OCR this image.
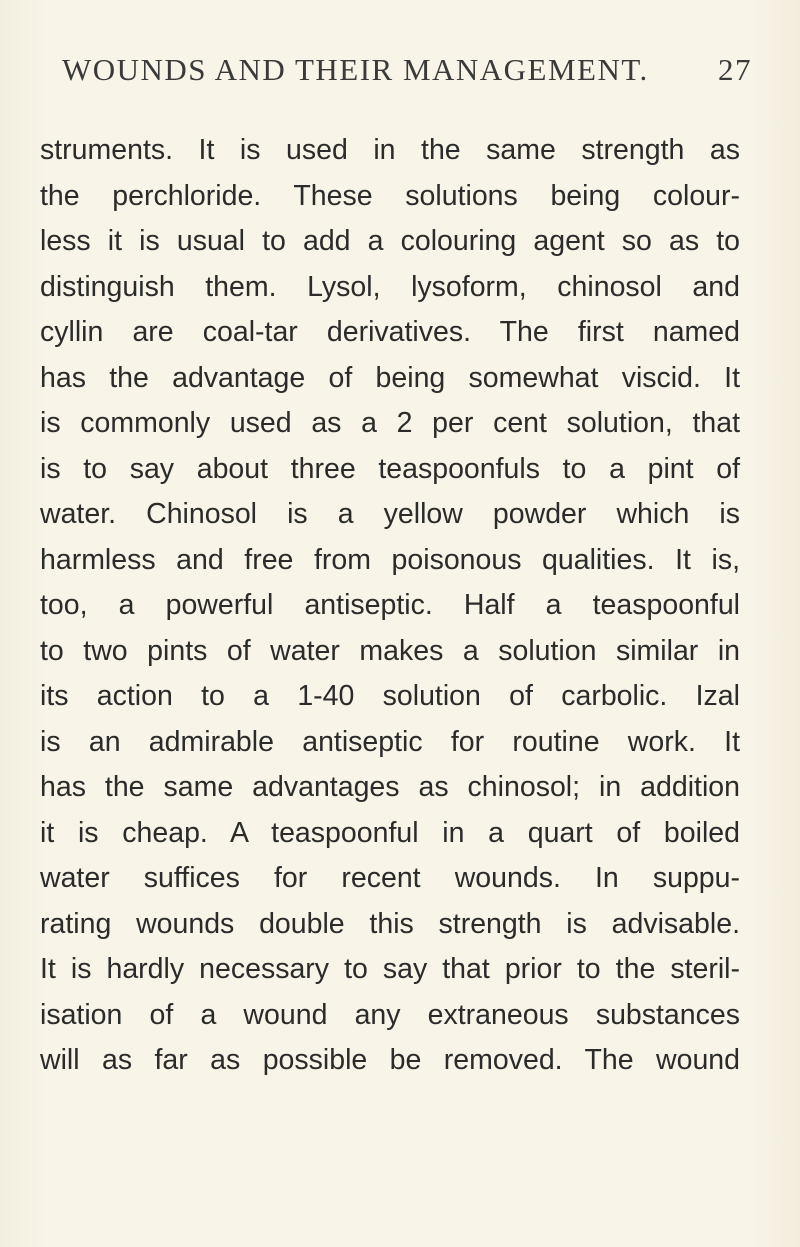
WOUNDS AND THEIR MANAGEMENT. 27
struments. It is used in the same strength as
the perchloride. These solutions being colour-
less it is usual to add a colouring agent so as to
distinguish them. Lysol, lysoform, chinosol and
cyllin are coal-tar derivatives. The first named
has the advantage of being somewhat viscid. It
is commonly used as a 2 per cent solution, that
is to say about three teaspoonfuls to a pint of
water. Chinosol is a yellow powder which is
harmless and free from poisonous qualities. It is,
too, a powerful antiseptic. Half a teaspoonful
to two pints of water makes a solution similar in
its action to a 1-40 solution of carbolic. Izal
is an admirable antiseptic for routine work. It
has the same advantages as chinosol; in addition
it is cheap. A teaspoonful in a quart of boiled
water suffices for recent wounds. In suppu-
rating wounds double this strength is advisable.
It is hardly necessary to say that prior to the steril-
isation of a wound any extraneous substances
will as far as possible be removed. The wound
